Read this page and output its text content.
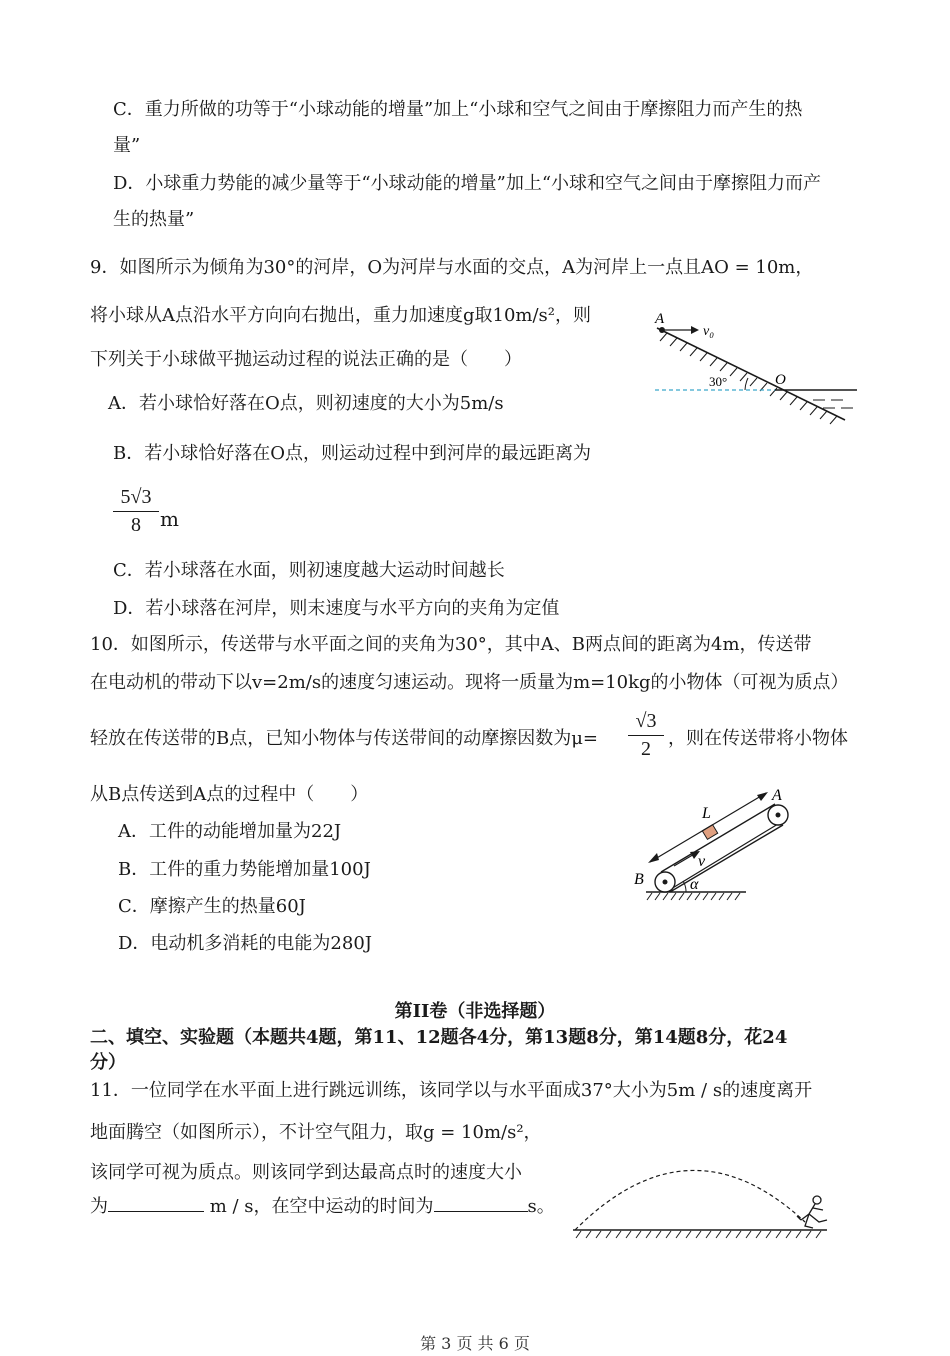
C．重力所做的功等于“小球动能的增量”加上“小球和空气之间由于摩擦阻力而产生的热
量”
D．小球重力势能的减少量等于“小球动能的增量”加上“小球和空气之间由于摩擦阻力而产
生的热量”
9．如图所示为倾角为30°的河岸，O为河岸与水面的交点，A为河岸上一点且AO = 10m，
将小球从A点沿水平方向向右抛出，重力加速度g取10m/s²，则
下列关于小球做平抛运动过程的说法正确的是（　　）
A．若小球恰好落在O点，则初速度的大小为5m/s
B．若小球恰好落在O点，则运动过程中到河岸的最远距离为
5√3
8 m
C．若小球落在水面，则初速度越大运动时间越长
D．若小球落在河岸，则末速度与水平方向的夹角为定值
A
v₀
30°	O
10．如图所示，传送带与水平面之间的夹角为30°，其中A、B两点间的距离为4m，传送带
在电动机的带动下以v=2m/s的速度匀速运动。现将一质量为m=10kg的小物体（可视为质点）
轻放在传送带的B点，已知小物体与传送带间的动摩擦因数为μ=
√3
2 ，则在传送带将小物体
从B点传送到A点的过程中（　　）
A．工件的动能增加量为22J
B．工件的重力势能增加量100J
C．摩擦产生的热量60J
D．电动机多消耗的电能为280J
A
B
L
v
α
第II卷（非选择题）
二、填空、实验题（本题共4题，第11、12题各4分，第13题8分，第14题8分，花24
分）
11．一位同学在水平面上进行跳远训练，该同学以与水平面成37°大小为5m / s的速度离开
地面腾空（如图所示），不计空气阻力，取g = 10m/s²，
该同学可视为质点。则该同学到达最高点时的速度大小
为	m / s，在空中运动的时间为	s。
第 3 页 共 6 页
